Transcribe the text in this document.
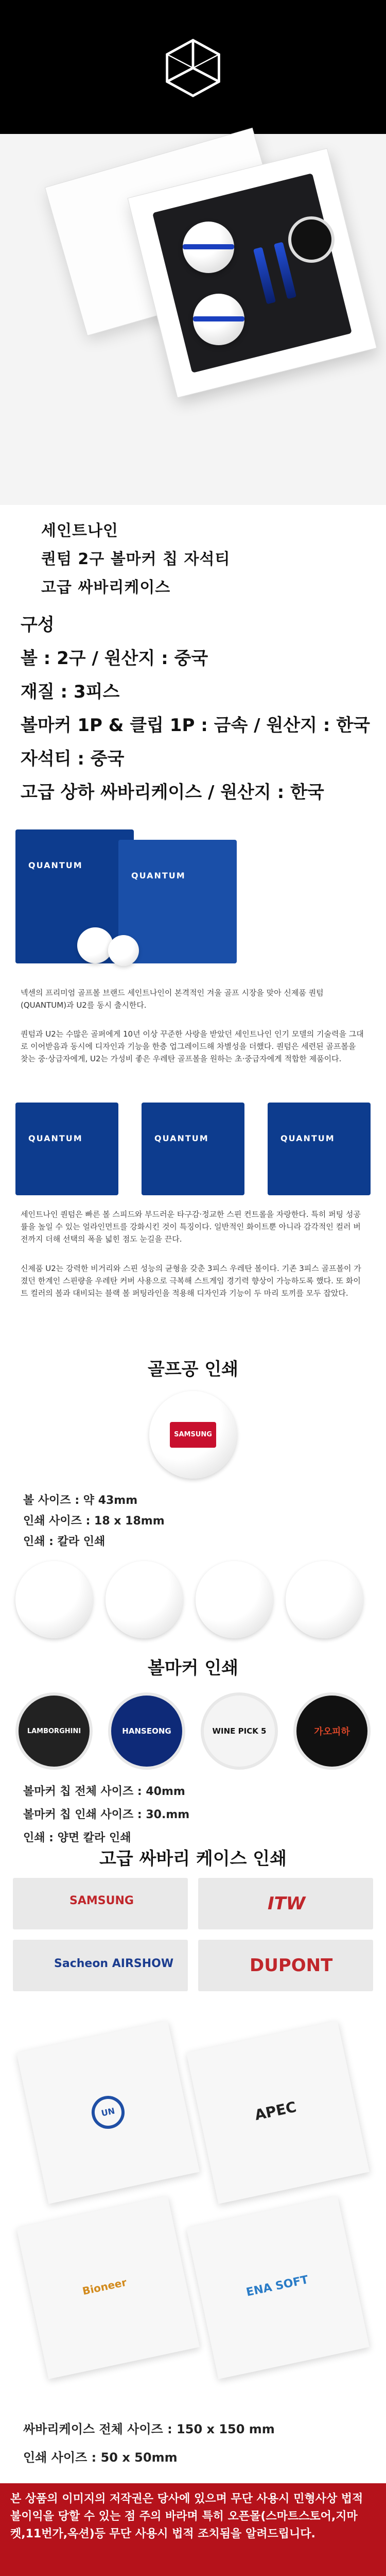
세인트나인
퀀텀 2구 볼마커 칩 자석티
고급 싸바리케이스
구성
볼 : 2구 / 원산지 : 중국
재질 : 3피스
볼마커 1P & 클립 1P : 금속 / 원산지 : 한국
자석티 : 중국
고급 상하 싸바리케이스 / 원산지 : 한국
QUANTUM
QUANTUM
넥센의 프리미엄 골프볼 브랜드 세인트나인이 본격적인 겨울 골프 시장을 맞아 신제품 퀀텀(QUANTUM)과 U2를 동시 출시한다.
퀀텀과 U2는 수많은 골퍼에게 10년 이상 꾸준한 사랑을 받았던 세인트나인 인기 모델의 기술력을 그대로 이어받음과 동시에 디자인과 기능을 한층 업그레이드해 차별성을 더했다. 퀀텀은 세련된 골프볼을 찾는 중·상급자에게, U2는 가성비 좋은 우레탄 골프볼을 원하는 초·중급자에게 적합한 제품이다.
QUANTUM	QUANTUM	QUANTUM
세인트나인 퀀텀은 빠른 볼 스피드와 부드러운 타구감·정교한 스핀 컨트롤을 자랑한다. 특히 퍼팅 성공률을 높일 수 있는 얼라인먼트를 강화시킨 것이 특징이다. 일반적인 화이트뿐 아니라 감각적인 컬러 버전까지 더해 선택의 폭을 넓힌 점도 눈길을 끈다.
신제품 U2는 강력한 비거리와 스핀 성능의 균형을 갖춘 3피스 우레탄 볼이다. 기존 3피스 골프볼이 가졌던 한계인 스핀량을 우레탄 커버 사용으로 극복해 스트게임 경기력 향상이 가능하도록 했다. 또 화이트 컬러의 볼과 대비되는 블랙 볼 퍼팅라인을 적용해 디자인과 기능이 두 마리 토끼를 모두 잡았다.
골프공 인쇄
SAMSUNG
볼 사이즈 : 약 43mm
인쇄 사이즈 : 18 x 18mm
인쇄 : 칼라 인쇄
볼마커 인쇄
LAMBORGHINI	HANSEONG	WINE PICK 5	가오피하
볼마커 칩 전체 사이즈 : 40mm
볼마커 칩 인쇄 사이즈 : 30.mm
인쇄 : 양면 칼라 인쇄
고급 싸바리 케이스 인쇄
SAMSUNG	ITW
Sacheon AIRSHOW	DUPONT
UN	APEC
Bioneer	ENA SOFT
싸바리케이스 전체 사이즈 : 150 x 150 mm
인쇄 사이즈 : 50 x 50mm
본 상품의 이미지의 저작권은 당사에 있으며 무단 사용시 민형사상 법적 불이익을 당할 수 있는 점 주의 바라며 특히 오픈몰(스마트스토어,지마켓,11번가,옥션)등 무단 사용시 법적 조치됨을 알려드립니다.
